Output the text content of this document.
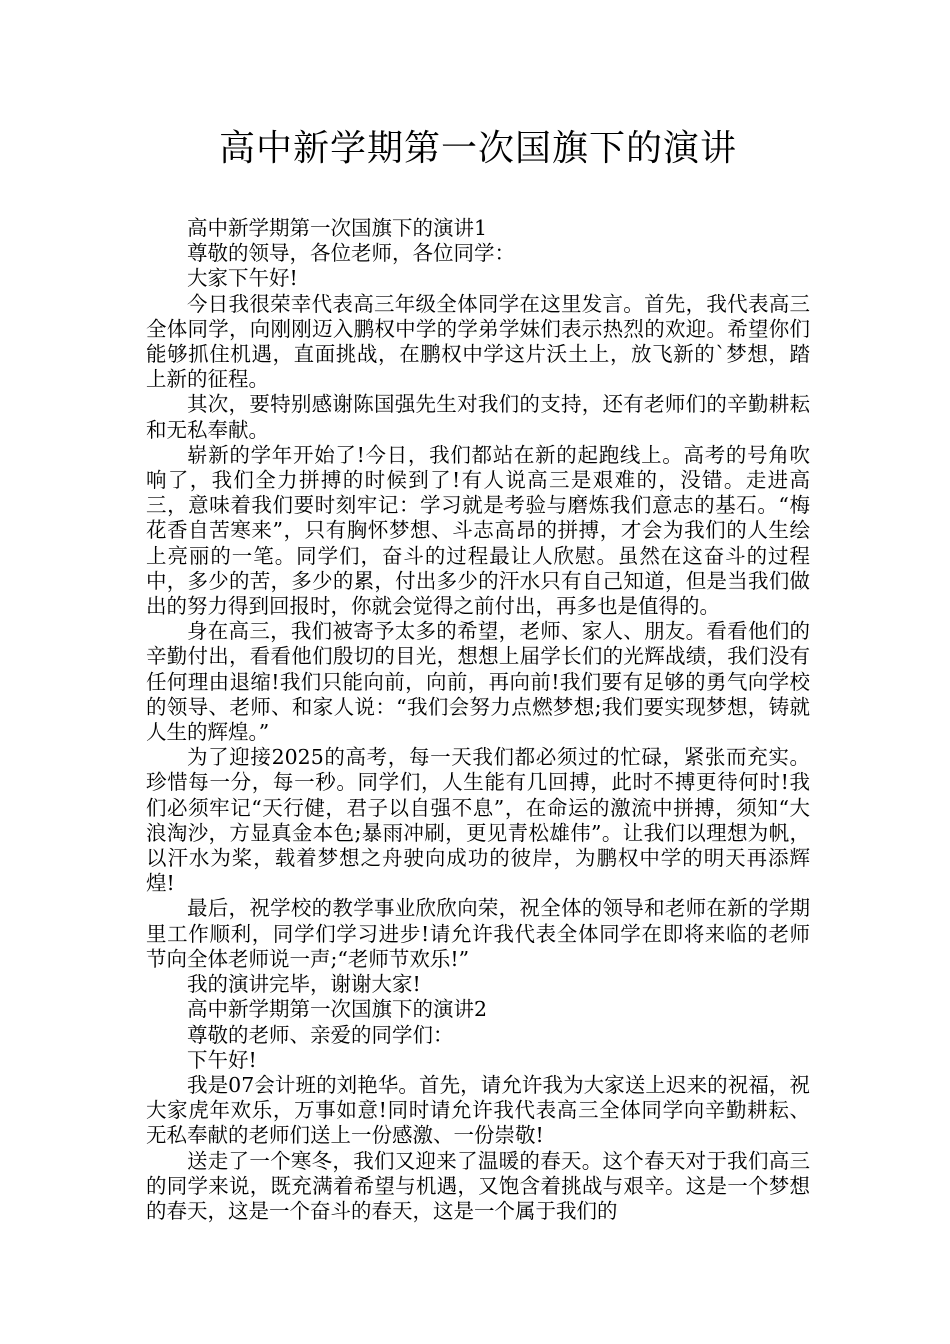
高中新学期第一次国旗下的演讲

高中新学期第一次国旗下的演讲1

尊敬的领导，各位老师，各位同学：

大家下午好!

今日我很荣幸代表高三年级全体同学在这里发言。首先，我代表高三全体同学，向刚刚迈入鹏权中学的学弟学妹们表示热烈的欢迎。希望你们能够抓住机遇，直面挑战，在鹏权中学这片沃土上，放飞新的`梦想，踏上新的征程。

其次，要特别感谢陈国强先生对我们的支持，还有老师们的辛勤耕耘和无私奉献。

崭新的学年开始了!今日，我们都站在新的起跑线上。高考的号角吹响了，我们全力拼搏的时候到了!有人说高三是艰难的，没错。走进高三，意味着我们要时刻牢记：学习就是考验与磨炼我们意志的基石。“梅花香自苦寒来”，只有胸怀梦想、斗志高昂的拼搏，才会为我们的人生绘上亮丽的一笔。同学们，奋斗的过程最让人欣慰。虽然在这奋斗的过程中，多少的苦，多少的累，付出多少的汗水只有自己知道，但是当我们做出的努力得到回报时，你就会觉得之前付出，再多也是值得的。

身在高三，我们被寄予太多的希望，老师、家人、朋友。看看他们的辛勤付出，看看他们殷切的目光，想想上届学长们的光辉战绩，我们没有任何理由退缩!我们只能向前，向前，再向前!我们要有足够的勇气向学校的领导、老师、和家人说：“我们会努力点燃梦想;我们要实现梦想，铸就人生的辉煌。”

为了迎接2025的高考，每一天我们都必须过的忙碌，紧张而充实。珍惜每一分，每一秒。同学们，人生能有几回搏，此时不搏更待何时!我们必须牢记“天行健，君子以自强不息”，在命运的激流中拼搏，须知“大浪淘沙，方显真金本色;暴雨冲刷，更见青松雄伟”。让我们以理想为帆，以汗水为桨，载着梦想之舟驶向成功的彼岸，为鹏权中学的明天再添辉煌!

最后，祝学校的教学事业欣欣向荣，祝全体的领导和老师在新的学期里工作顺利，同学们学习进步!请允许我代表全体同学在即将来临的老师节向全体老师说一声;“老师节欢乐!”

我的演讲完毕，谢谢大家!

高中新学期第一次国旗下的演讲2

尊敬的老师、亲爱的同学们：

下午好!

我是07会计班的刘艳华。首先，请允许我为大家送上迟来的祝福，祝大家虎年欢乐，万事如意!同时请允许我代表高三全体同学向辛勤耕耘、无私奉献的老师们送上一份感激、一份崇敬!

送走了一个寒冬，我们又迎来了温暖的春天。这个春天对于我们高三的同学来说，既充满着希望与机遇，又饱含着挑战与艰辛。这是一个梦想的春天，这是一个奋斗的春天，这是一个属于我们的
